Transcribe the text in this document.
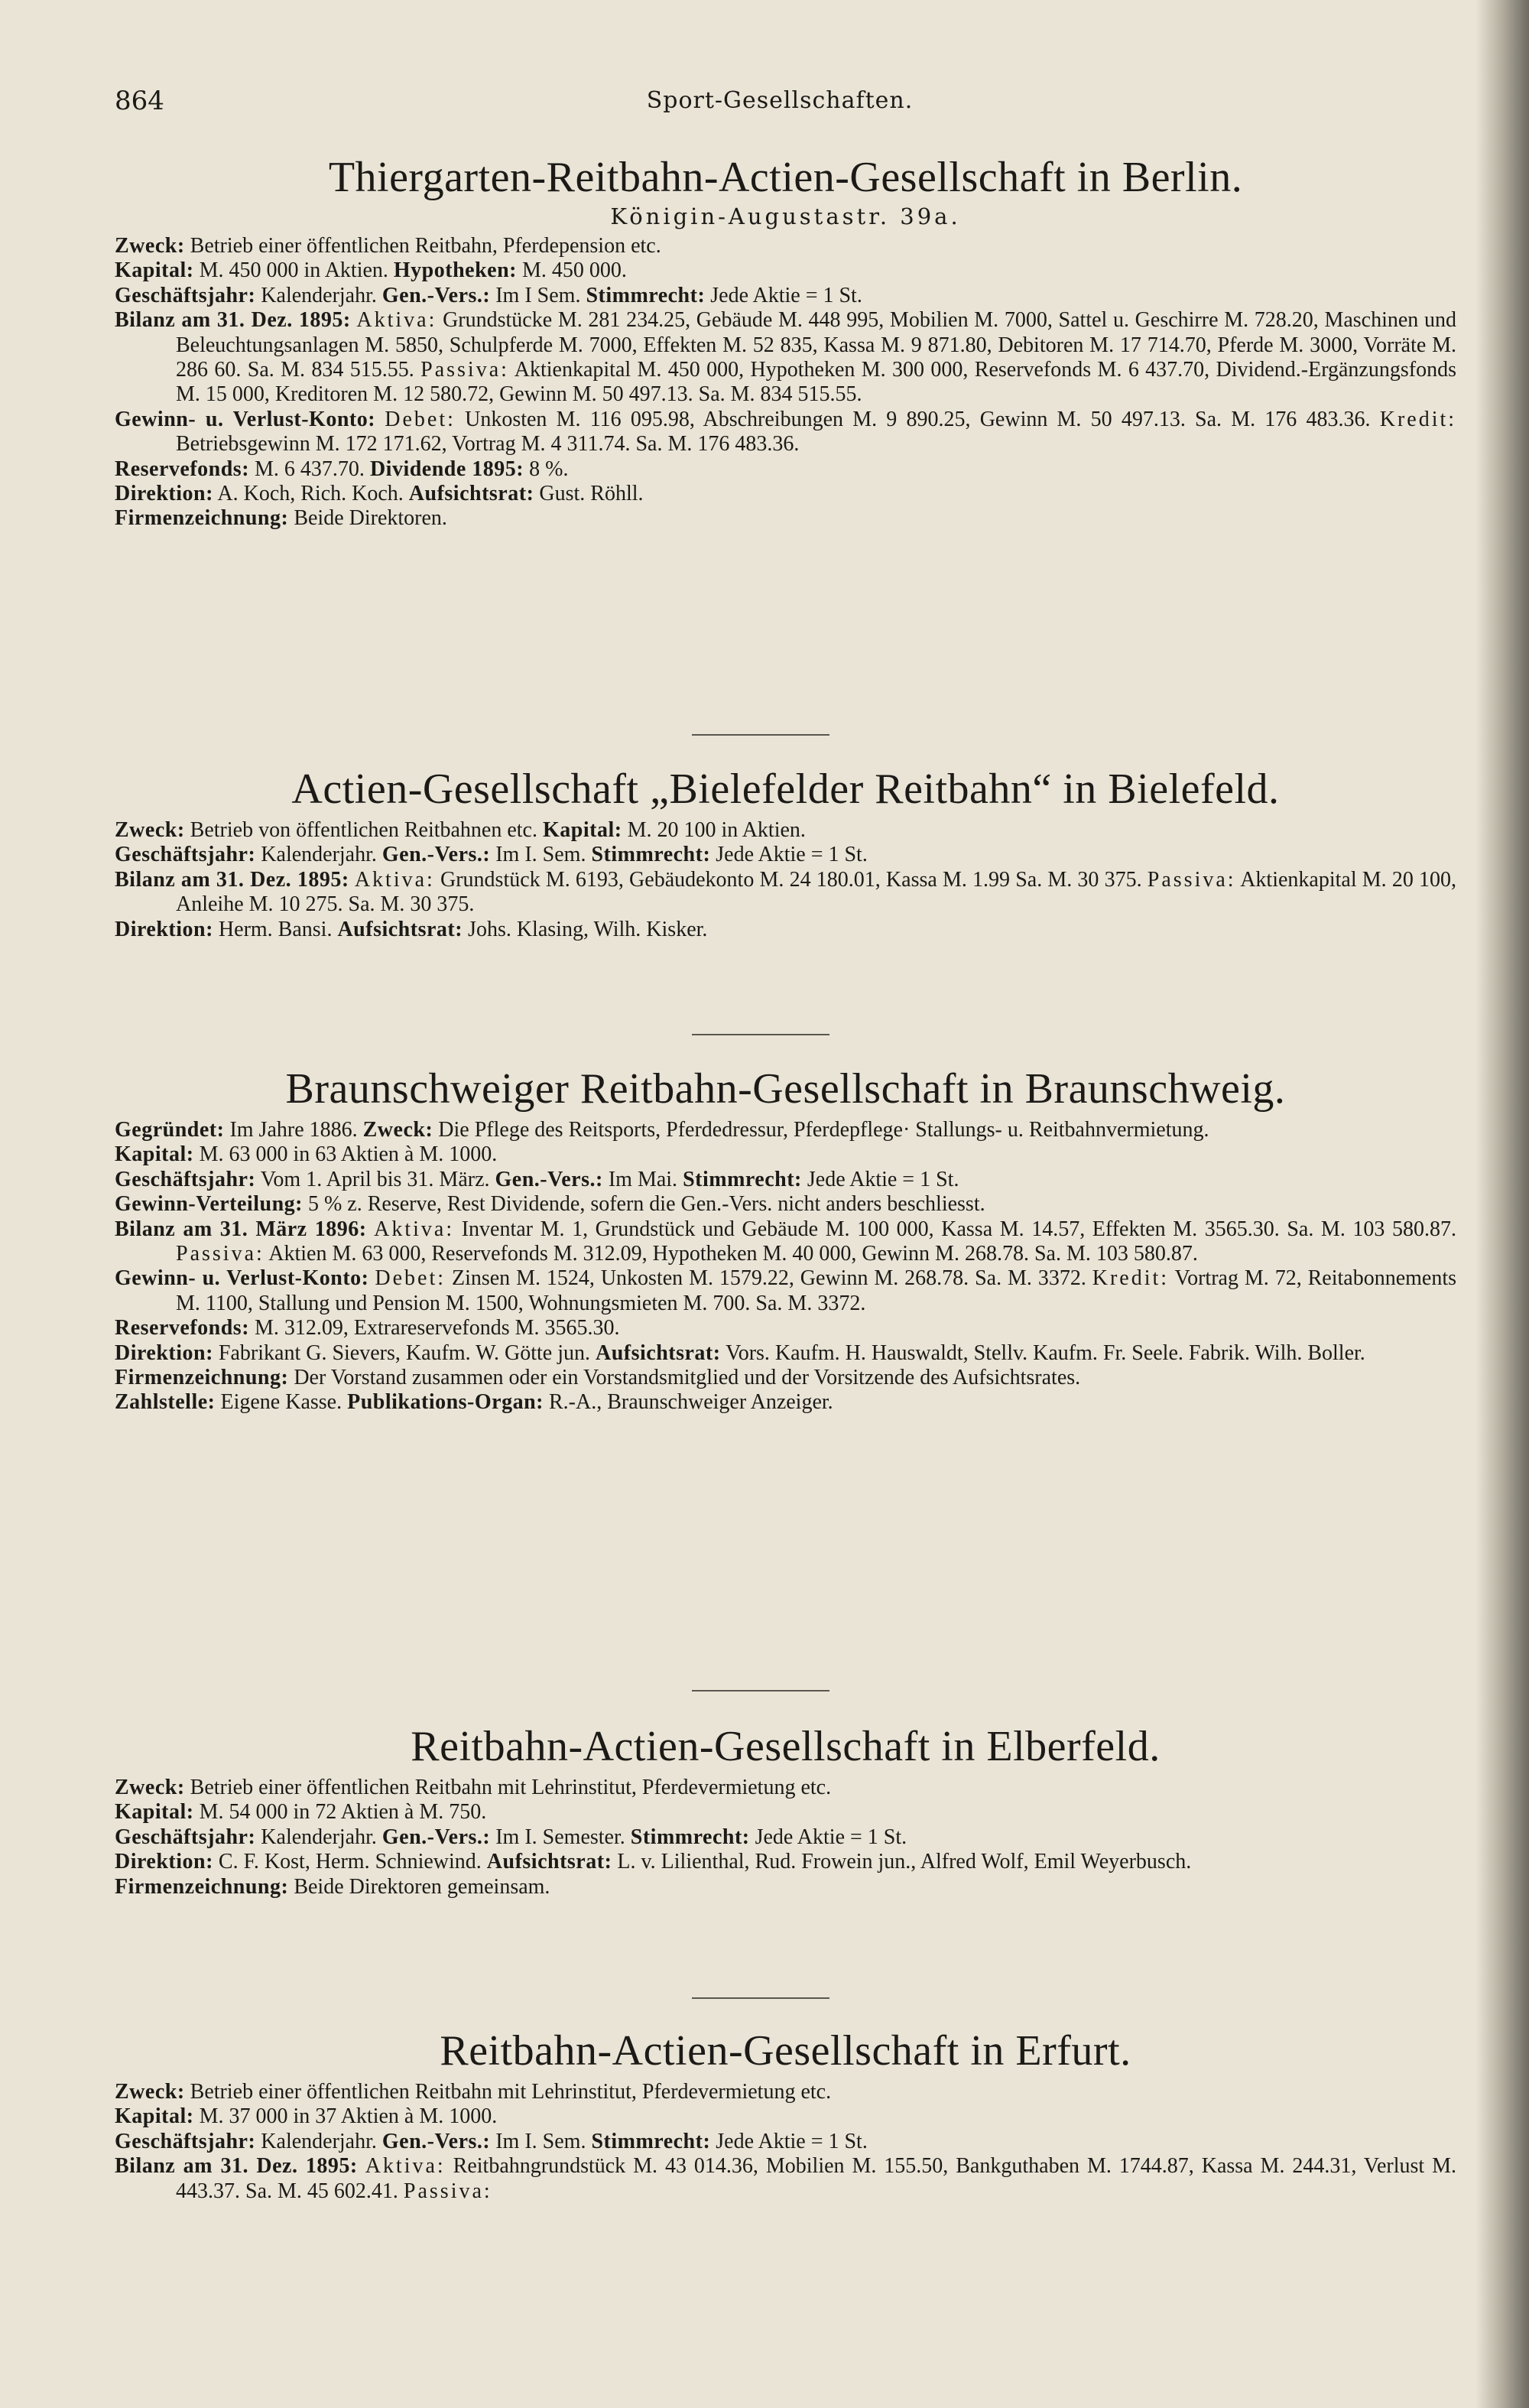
864	Sport-Gesellschaften.
Thiergarten-Reitbahn-Actien-Gesellschaft in Berlin.
Königin-Augustastr. 39a.

Zweck: Betrieb einer öffentlichen Reitbahn, Pferdepension etc.

Kapital: M. 450 000 in Aktien. Hypotheken: M. 450 000.

Geschäftsjahr: Kalenderjahr. Gen.-Vers.: Im I Sem. Stimmrecht: Jede Aktie = 1 St.

Bilanz am 31. Dez. 1895: Aktiva: Grundstücke M. 281 234.25, Gebäude M. 448 995, Mobilien M. 7000, Sattel u. Geschirre M. 728.20, Maschinen und Beleuchtungsanlagen M. 5850, Schulpferde M. 7000, Effekten M. 52 835, Kassa M. 9 871.80, Debitoren M. 17 714.70, Pferde M. 3000, Vorräte M. 286 60. Sa. M. 834 515.55. Passiva: Aktienkapital M. 450 000, Hypotheken M. 300 000, Reservefonds M. 6 437.70, Dividend.-Ergänzungsfonds M. 15 000, Kreditoren M. 12 580.72, Gewinn M. 50 497.13. Sa. M. 834 515.55.

Gewinn- u. Verlust-Konto: Debet: Unkosten M. 116 095.98, Abschreibungen M. 9 890.25, Gewinn M. 50 497.13. Sa. M. 176 483.36. Kredit: Betriebsgewinn M. 172 171.62, Vortrag M. 4 311.74. Sa. M. 176 483.36.

Reservefonds: M. 6 437.70. Dividende 1895: 8 %.

Direktion: A. Koch, Rich. Koch. Aufsichtsrat: Gust. Röhll.

Firmenzeichnung: Beide Direktoren.

Actien-Gesellschaft „Bielefelder Reitbahn“ in Bielefeld.

Zweck: Betrieb von öffentlichen Reitbahnen etc. Kapital: M. 20 100 in Aktien.

Geschäftsjahr: Kalenderjahr. Gen.-Vers.: Im I. Sem. Stimmrecht: Jede Aktie = 1 St.

Bilanz am 31. Dez. 1895: Aktiva: Grundstück M. 6193, Gebäudekonto M. 24 180.01, Kassa M. 1.99 Sa. M. 30 375. Passiva: Aktienkapital M. 20 100, Anleihe M. 10 275. Sa. M. 30 375.

Direktion: Herm. Bansi. Aufsichtsrat: Johs. Klasing, Wilh. Kisker.

Braunschweiger Reitbahn-Gesellschaft in Braunschweig.

Gegründet: Im Jahre 1886. Zweck: Die Pflege des Reitsports, Pferdedressur, Pferdepflege· Stallungs- u. Reitbahnvermietung.

Kapital: M. 63 000 in 63 Aktien à M. 1000.

Geschäftsjahr: Vom 1. April bis 31. März. Gen.-Vers.: Im Mai. Stimmrecht: Jede Aktie = 1 St.

Gewinn-Verteilung: 5 % z. Reserve, Rest Dividende, sofern die Gen.-Vers. nicht anders beschliesst.

Bilanz am 31. März 1896: Aktiva: Inventar M. 1, Grundstück und Gebäude M. 100 000, Kassa M. 14.57, Effekten M. 3565.30. Sa. M. 103 580.87. Passiva: Aktien M. 63 000, Reservefonds M. 312.09, Hypotheken M. 40 000, Gewinn M. 268.78. Sa. M. 103 580.87.

Gewinn- u. Verlust-Konto: Debet: Zinsen M. 1524, Unkosten M. 1579.22, Gewinn M. 268.78. Sa. M. 3372. Kredit: Vortrag M. 72, Reitabonnements M. 1100, Stallung und Pension M. 1500, Wohnungsmieten M. 700. Sa. M. 3372.

Reservefonds: M. 312.09, Extrareservefonds M. 3565.30.

Direktion: Fabrikant G. Sievers, Kaufm. W. Götte jun. Aufsichtsrat: Vors. Kaufm. H. Hauswaldt, Stellv. Kaufm. Fr. Seele. Fabrik. Wilh. Boller.

Firmenzeichnung: Der Vorstand zusammen oder ein Vorstandsmitglied und der Vorsitzende des Aufsichtsrates.

Zahlstelle: Eigene Kasse. Publikations-Organ: R.-A., Braunschweiger Anzeiger.

Reitbahn-Actien-Gesellschaft in Elberfeld.

Zweck: Betrieb einer öffentlichen Reitbahn mit Lehrinstitut, Pferdevermietung etc.

Kapital: M. 54 000 in 72 Aktien à M. 750.

Geschäftsjahr: Kalenderjahr. Gen.-Vers.: Im I. Semester. Stimmrecht: Jede Aktie = 1 St.

Direktion: C. F. Kost, Herm. Schniewind. Aufsichtsrat: L. v. Lilienthal, Rud. Frowein jun., Alfred Wolf, Emil Weyerbusch.

Firmenzeichnung: Beide Direktoren gemeinsam.

Reitbahn-Actien-Gesellschaft in Erfurt.

Zweck: Betrieb einer öffentlichen Reitbahn mit Lehrinstitut, Pferdevermietung etc.

Kapital: M. 37 000 in 37 Aktien à M. 1000.

Geschäftsjahr: Kalenderjahr. Gen.-Vers.: Im I. Sem. Stimmrecht: Jede Aktie = 1 St.

Bilanz am 31. Dez. 1895: Aktiva: Reitbahngrundstück M. 43 014.36, Mobilien M. 155.50, Bankguthaben M. 1744.87, Kassa M. 244.31, Verlust M. 443.37. Sa. M. 45 602.41. Passiva:
